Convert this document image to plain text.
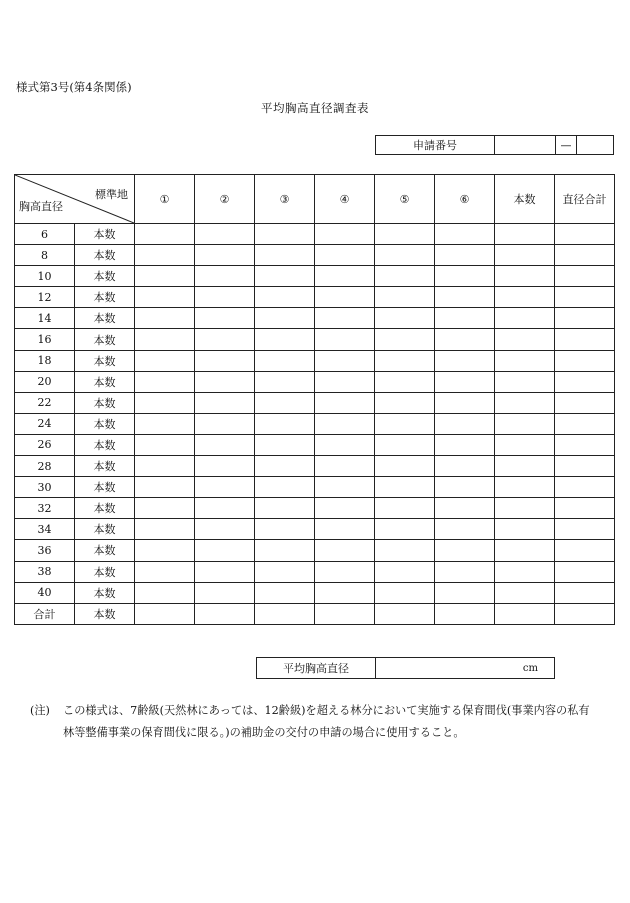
様式第3号(第4条関係)
平均胸高直径調査表
申請番号		—	
標準地
胸高直径		①	②	③	④	⑤	⑥	本数	直径合計
6	本数								
8	本数								
10	本数								
12	本数								
14	本数								
16	本数								
18	本数								
20	本数								
22	本数								
24	本数								
26	本数								
28	本数								
30	本数								
32	本数								
34	本数								
36	本数								
38	本数								
40	本数								
合計	本数								
平均胸高直径	cm
(注) この様式は、7齢級(天然林にあっては、12齢級)を超える林分において実施する保育間伐(事業内容の私有
林等整備事業の保育間伐に限る。)の補助金の交付の申請の場合に使用すること。
